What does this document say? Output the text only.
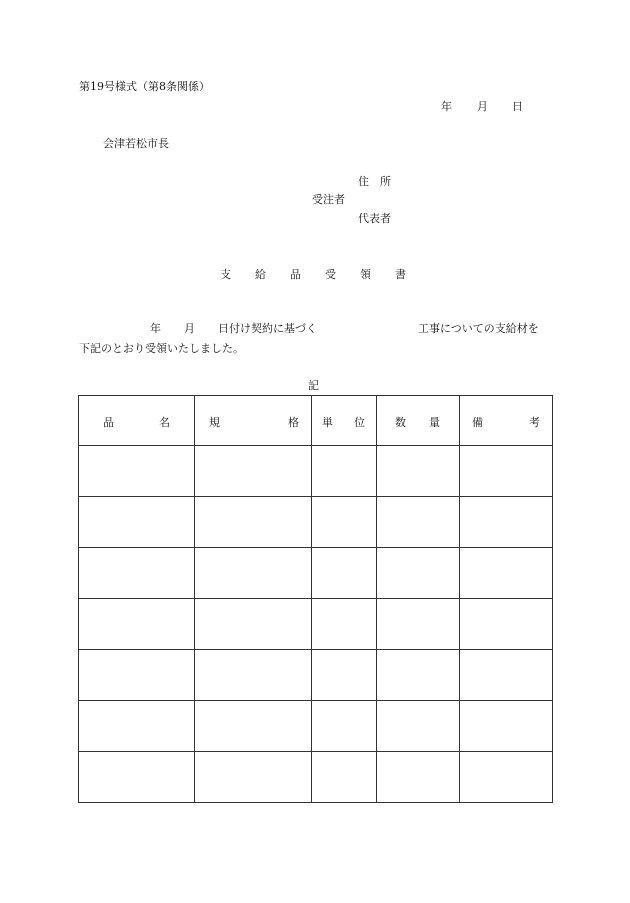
第19号様式（第8条関係）
年 月 日
会津若松市長
住　所
受注者
代表者
支 給 品 受 領 書
年 月 日付け契約に基づく	工事についての支給材を
下記のとおり受領いたしました。
記
品 名	規 格	単 位	数 量	備 考
